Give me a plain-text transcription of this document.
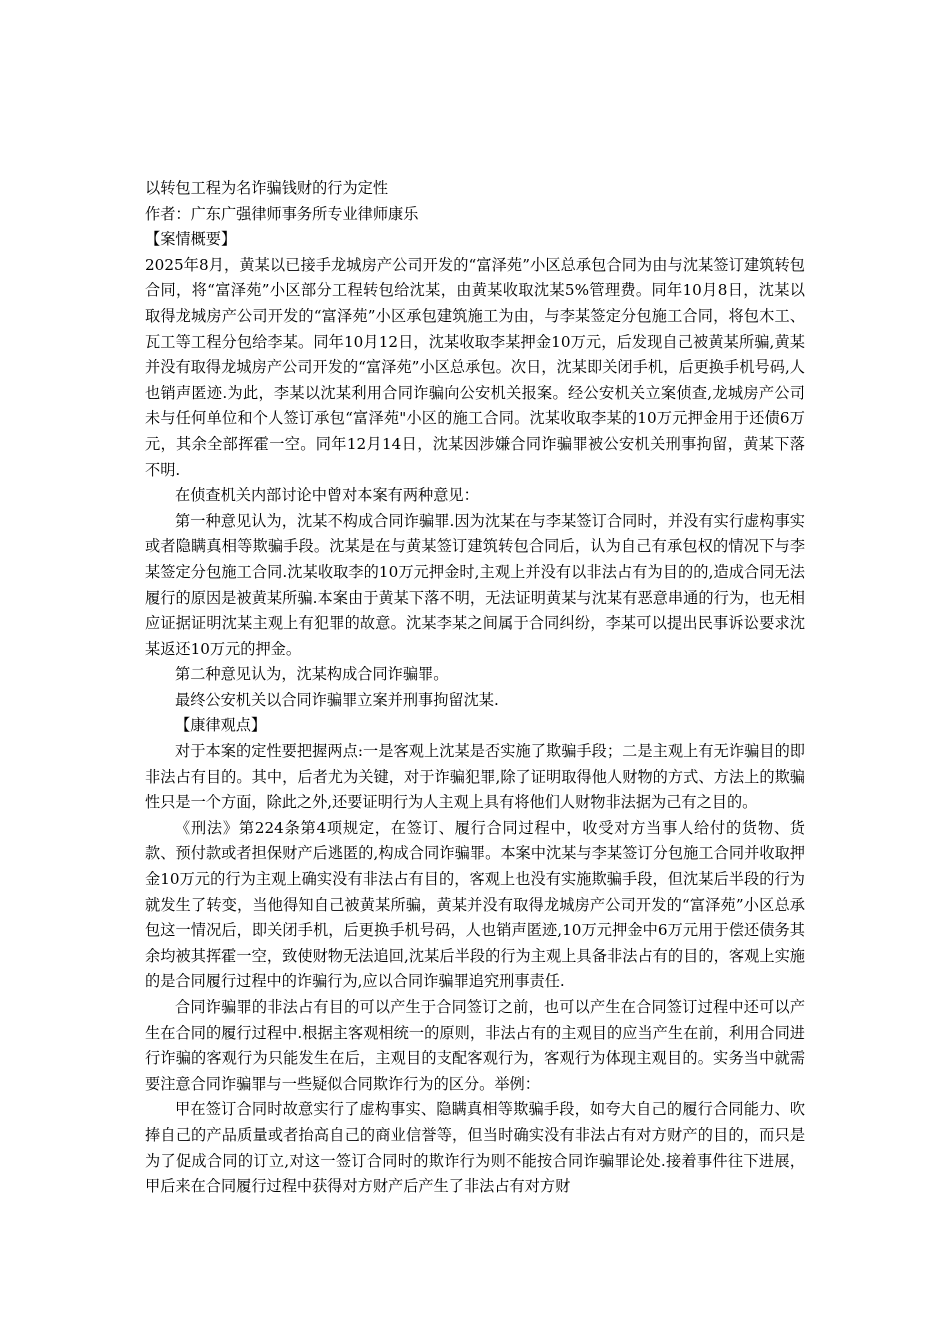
以转包工程为名诈骗钱财的行为定性

作者：广东广强律师事务所专业律师康乐

【案情概要】

2025年8月，黄某以已接手龙城房产公司开发的“富泽苑”小区总承包合同为由与沈某签订建筑转包合同，将“富泽苑”小区部分工程转包给沈某，由黄某收取沈某5%管理费。同年10月8日，沈某以取得龙城房产公司开发的“富泽苑”小区承包建筑施工为由，与李某签定分包施工合同，将包木工、瓦工等工程分包给李某。同年10月12日，沈某收取李某押金10万元，后发现自己被黄某所骗,黄某并没有取得龙城房产公司开发的“富泽苑”小区总承包。次日，沈某即关闭手机，后更换手机号码,人也销声匿迹.为此，李某以沈某利用合同诈骗向公安机关报案。经公安机关立案侦查,龙城房产公司未与任何单位和个人签订承包“富泽苑"小区的施工合同。沈某收取李某的10万元押金用于还债6万元，其余全部挥霍一空。同年12月14日，沈某因涉嫌合同诈骗罪被公安机关刑事拘留，黄某下落不明.

在侦查机关内部讨论中曾对本案有两种意见：

第一种意见认为，沈某不构成合同诈骗罪.因为沈某在与李某签订合同时，并没有实行虚构事实或者隐瞒真相等欺骗手段。沈某是在与黄某签订建筑转包合同后，认为自己有承包权的情况下与李某签定分包施工合同.沈某收取李的10万元押金时,主观上并没有以非法占有为目的的,造成合同无法履行的原因是被黄某所骗.本案由于黄某下落不明，无法证明黄某与沈某有恶意串通的行为，也无相应证据证明沈某主观上有犯罪的故意。沈某李某之间属于合同纠纷，李某可以提出民事诉讼要求沈某返还10万元的押金。

第二种意见认为，沈某构成合同诈骗罪。

最终公安机关以合同诈骗罪立案并刑事拘留沈某.

【康律观点】

对于本案的定性要把握两点:一是客观上沈某是否实施了欺骗手段；二是主观上有无诈骗目的即非法占有目的。其中，后者尤为关键，对于诈骗犯罪,除了证明取得他人财物的方式、方法上的欺骗性只是一个方面，除此之外,还要证明行为人主观上具有将他们人财物非法据为己有之目的。

《刑法》第224条第4项规定，在签订、履行合同过程中，收受对方当事人给付的货物、货款、预付款或者担保财产后逃匿的,构成合同诈骗罪。本案中沈某与李某签订分包施工合同并收取押金10万元的行为主观上确实没有非法占有目的，客观上也没有实施欺骗手段，但沈某后半段的行为就发生了转变，当他得知自己被黄某所骗，黄某并没有取得龙城房产公司开发的“富泽苑”小区总承包这一情况后，即关闭手机，后更换手机号码，人也销声匿迹,10万元押金中6万元用于偿还债务其余均被其挥霍一空，致使财物无法追回,沈某后半段的行为主观上具备非法占有的目的，客观上实施的是合同履行过程中的诈骗行为,应以合同诈骗罪追究刑事责任.

合同诈骗罪的非法占有目的可以产生于合同签订之前，也可以产生在合同签订过程中还可以产生在合同的履行过程中.根据主客观相统一的原则，非法占有的主观目的应当产生在前，利用合同进行诈骗的客观行为只能发生在后，主观目的支配客观行为，客观行为体现主观目的。实务当中就需要注意合同诈骗罪与一些疑似合同欺诈行为的区分。举例：

甲在签订合同时故意实行了虚构事实、隐瞒真相等欺骗手段，如夸大自己的履行合同能力、吹捧自己的产品质量或者抬高自己的商业信誉等，但当时确实没有非法占有对方财产的目的，而只是为了促成合同的订立,对这一签订合同时的欺诈行为则不能按合同诈骗罪论处.接着事件往下进展，甲后来在合同履行过程中获得对方财产后产生了非法占有对方财
